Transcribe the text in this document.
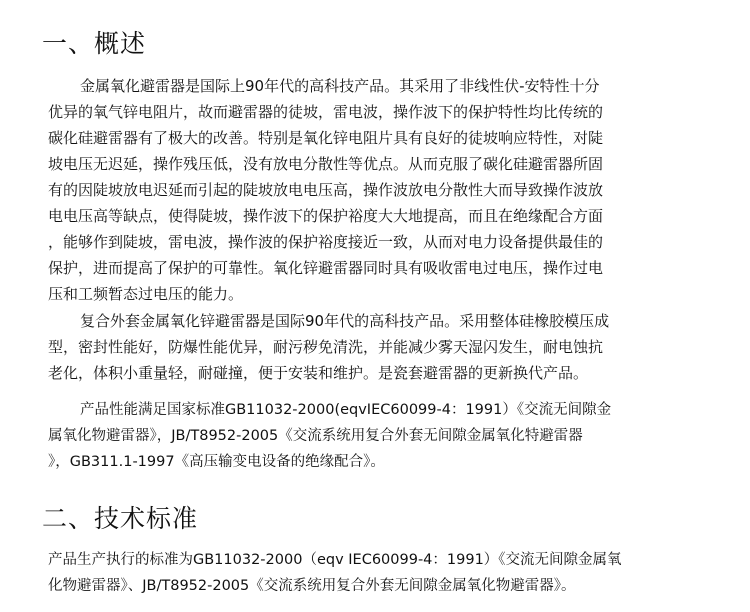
一、概述
金属氧化避雷器是国际上90年代的高科技产品。其采用了非线性伏-安特性十分
优异的氧气锌电阻片，故而避雷器的徒坡，雷电波，操作波下的保护特性均比传统的
碳化硅避雷器有了极大的改善。特别是氧化锌电阻片具有良好的徒坡响应特性，对陡
坡电压无迟延，操作残压低，没有放电分散性等优点。从而克服了碳化硅避雷器所固
有的因陡坡放电迟延而引起的陡坡放电电压高，操作波放电分散性大而导致操作波放
电电压高等缺点，使得陡坡，操作波下的保护裕度大大地提高，而且在绝缘配合方面
，能够作到陡坡，雷电波，操作波的保护裕度接近一致，从而对电力设备提供最佳的
保护，进而提高了保护的可靠性。氧化锌避雷器同时具有吸收雷电过电压，操作过电
压和工频暂态过电压的能力。
复合外套金属氧化锌避雷器是国际90年代的高科技产品。采用整体硅橡胶模压成
型，密封性能好，防爆性能优异，耐污秽免清洗，并能减少雾天湿闪发生，耐电蚀抗
老化，体积小重量轻，耐碰撞，便于安装和维护。是瓷套避雷器的更新换代产品。
产品性能满足国家标准GB11032-2000(eqvIEC60099-4：1991）《交流无间隙金
属氧化物避雷器》，JB/T8952-2005《交流系统用复合外套无间隙金属氧化特避雷器
》，GB311.1-1997《高压输变电设备的绝缘配合》。
二、技术标准
产品生产执行的标准为GB11032-2000（eqv IEC60099-4：1991）《交流无间隙金属氧
化物避雷器》、JB/T8952-2005《交流系统用复合外套无间隙金属氧化物避雷器》。
